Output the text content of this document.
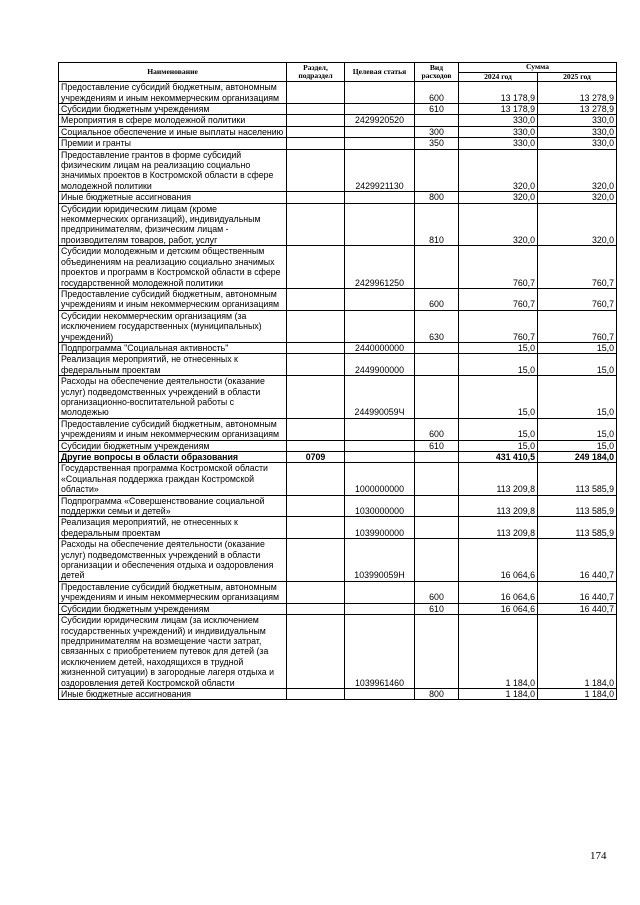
Наименование	Раздел, подраздел	Целевая статья	Вид расходов	Сумма	
				2024 год	2025 год
Предоставление субсидий бюджетным, автономным учреждениям и иным некоммерческим организациям			600	13 178,9	13 278,9
Субсидии бюджетным учреждениям			610	13 178,9	13 278,9
Мероприятия в сфере молодежной политики		2429920520		330,0	330,0
Социальное обеспечение и иные выплаты населению			300	330,0	330,0
Премии и гранты			350	330,0	330,0
Предоставление грантов в форме субсидий физическим лицам на реализацию социально значимых проектов в Костромской области в сфере молодежной политики		2429921130		320,0	320,0
Иные бюджетные ассигнования			800	320,0	320,0
Субсидии юридическим лицам (кроме некоммерческих организаций), индивидуальным предпринимателям, физическим лицам - производителям товаров, работ, услуг			810	320,0	320,0
Субсидии молодежным и детским общественным объединениям на реализацию социально значимых проектов и программ в Костромской области в сфере государственной молодежной политики		2429961250		760,7	760,7
Предоставление субсидий бюджетным, автономным учреждениям и иным некоммерческим организациям			600	760,7	760,7
Субсидии некоммерческим организациям (за исключением государственных (муниципальных) учреждений)			630	760,7	760,7
Подпрограмма "Социальная активность"		2440000000		15,0	15,0
Реализация мероприятий, не отнесенных к федеральным проектам		2449900000		15,0	15,0
Расходы на обеспечение деятельности (оказание услуг) подведомственных учреждений в области организационно-воспитательной работы с молодежью		244990059Ч		15,0	15,0
Предоставление субсидий бюджетным, автономным учреждениям и иным некоммерческим организациям			600	15,0	15,0
Субсидии бюджетным учреждениям			610	15,0	15,0
Другие вопросы в области образования	0709			431 410,5	249 184,0
Государственная программа Костромской области «Социальная поддержка граждан Костромской области»		1000000000		113 209,8	113 585,9
Подпрограмма «Совершенствование социальной поддержки семьи и детей»		1030000000		113 209,8	113 585,9
Реализация мероприятий, не отнесенных к федеральным проектам		1039900000		113 209,8	113 585,9
Расходы на обеспечение деятельности (оказание услуг) подведомственных учреждений в области организации и обеспечения отдыха и оздоровления детей		103990059Н		16 064,6	16 440,7
Предоставление субсидий бюджетным, автономным учреждениям и иным некоммерческим организациям			600	16 064,6	16 440,7
Субсидии бюджетным учреждениям			610	16 064,6	16 440,7
Субсидии юридическим лицам (за исключением государственных учреждений) и индивидуальным предпринимателям на возмещение части затрат, связанных с приобретением путевок для детей (за исключением детей, находящихся в трудной жизненной ситуации) в загородные лагеря отдыха и оздоровления детей Костромской области		1039961460		1 184,0	1 184,0
Иные бюджетные ассигнования			800	1 184,0	1 184,0
174
